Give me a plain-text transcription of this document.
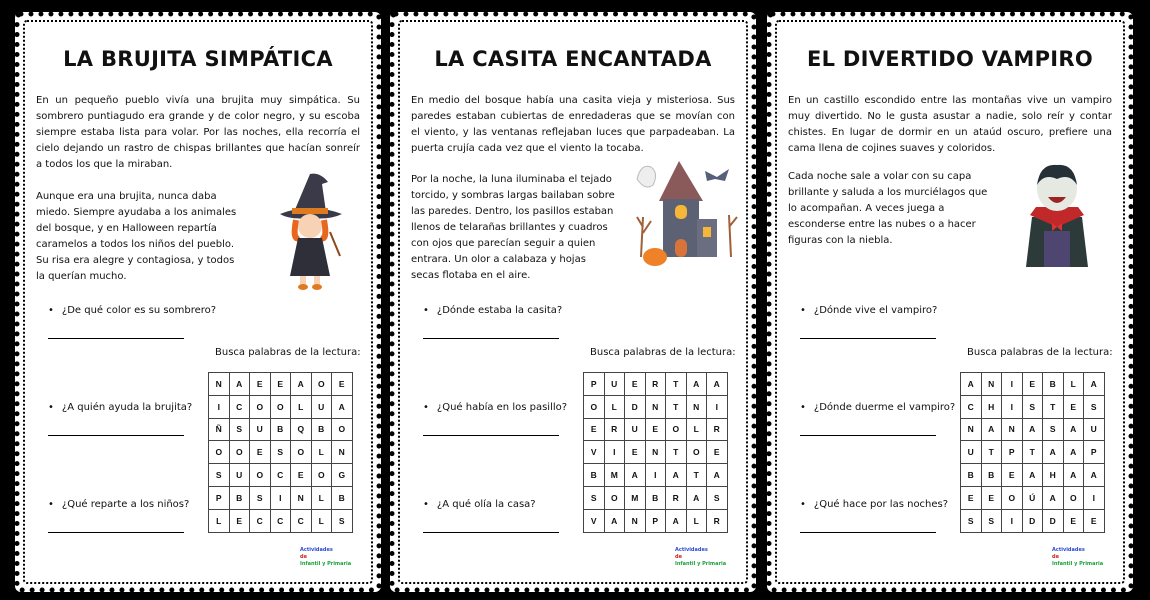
LA BRUJITA SIMPÁTICA
En un pequeño pueblo vivía una brujita muy simpática. Su sombrero puntiagudo era grande y de color negro, y su escoba siempre estaba lista para volar. Por las noches, ella recorría el cielo dejando un rastro de chispas brillantes que hacían sonreír a todos los que la miraban.
Aunque era una brujita, nunca daba miedo. Siempre ayudaba a los animales del bosque, y en Halloween repartía caramelos a todos los niños del pueblo. Su risa era alegre y contagiosa, y todos la querían mucho.
• ¿De qué color es su sombrero?
• ¿A quién ayuda la brujita?
• ¿Qué reparte a los niños?
Busca palabras de la lectura:
N	A	E	E	A	O	E
I	C	O	O	L	U	A
Ñ	S	U	B	Q	B	O
O	O	E	S	O	L	N
S	U	O	C	E	O	G
P	B	S	I	N	L	B
L	E	C	C	C	L	S
Actividades
de
Infantil y Primaria
LA CASITA ENCANTADA
En medio del bosque había una casita vieja y misteriosa. Sus paredes estaban cubiertas de enredaderas que se movían con el viento, y las ventanas reflejaban luces que parpadeaban. La puerta crujía cada vez que el viento la tocaba.
Por la noche, la luna iluminaba el tejado torcido, y sombras largas bailaban sobre las paredes. Dentro, los pasillos estaban llenos de telarañas brillantes y cuadros con ojos que parecían seguir a quien entrara. Un olor a calabaza y hojas secas flotaba en el aire.
• ¿Dónde estaba la casita?
• ¿Qué había en los pasillo?
• ¿A qué olía la casa?
Busca palabras de la lectura:
P	U	E	R	T	A	A
O	L	D	N	T	N	I
E	R	U	E	O	L	R
V	I	E	N	T	O	E
B	M	A	I	A	T	A
S	O	M	B	R	A	S
V	A	N	P	A	L	R
Actividades
de
Infantil y Primaria
EL DIVERTIDO VAMPIRO
En un castillo escondido entre las montañas vive un vampiro muy divertido. No le gusta asustar a nadie, solo reír y contar chistes. En lugar de dormir en un ataúd oscuro, prefiere una cama llena de cojines suaves y coloridos.
Cada noche sale a volar con su capa brillante y saluda a los murciélagos que lo acompañan. A veces juega a esconderse entre las nubes o a hacer figuras con la niebla.
• ¿Dónde vive el vampiro?
• ¿Dónde duerme el vampiro?
• ¿Qué hace por las noches?
Busca palabras de la lectura:
A	N	I	E	B	L	A
C	H	I	S	T	E	S
N	A	N	A	S	A	U
U	T	P	T	A	A	P
B	B	E	A	H	A	A
E	E	O	Ú	A	O	I
S	S	I	D	D	E	E
Actividades
de
Infantil y Primaria
